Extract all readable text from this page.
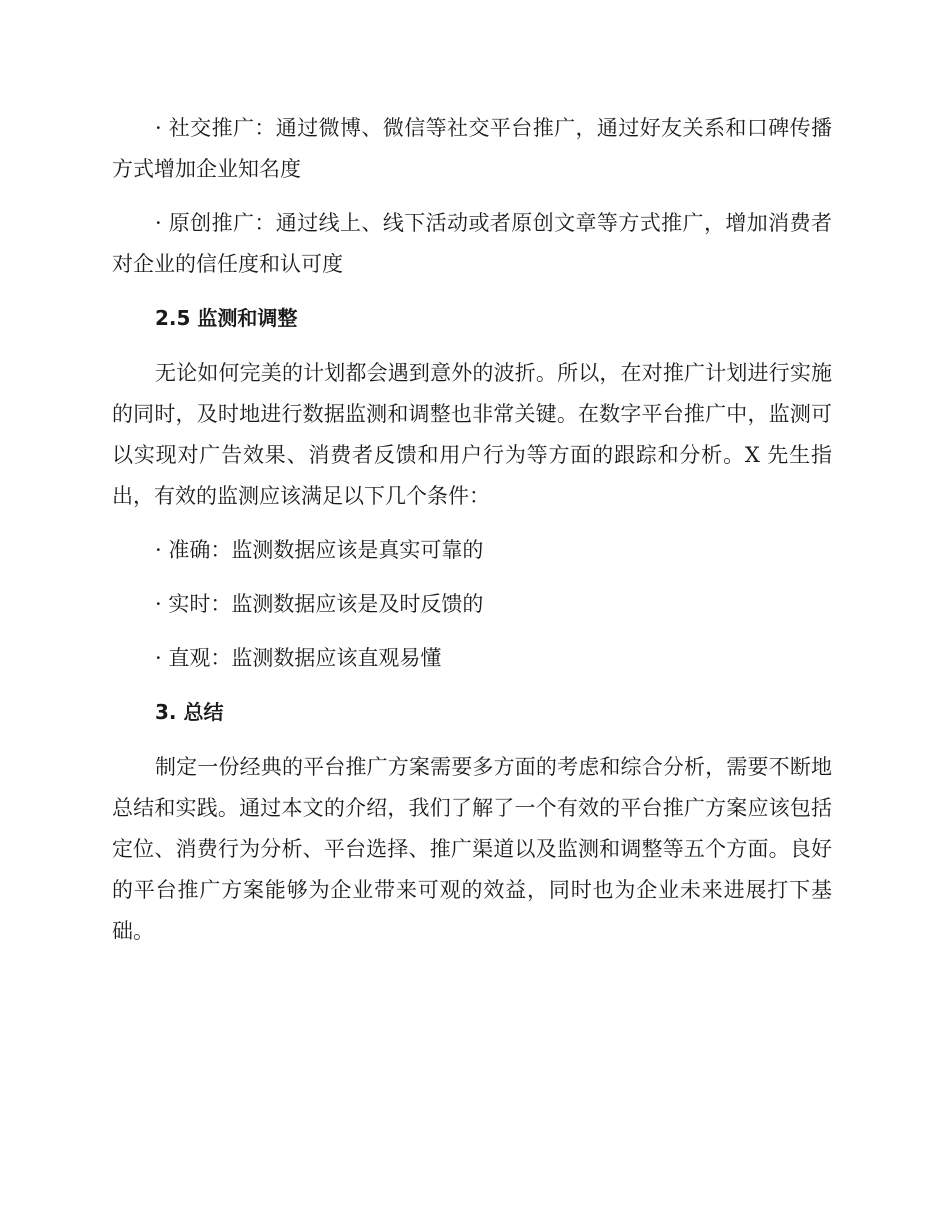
· 社交推广：通过微博、微信等社交平台推广，通过好友关系和口碑传播方式增加企业知名度

· 原创推广：通过线上、线下活动或者原创文章等方式推广，增加消费者对企业的信任度和认可度

2.5 监测和调整

无论如何完美的计划都会遇到意外的波折。所以，在对推广计划进行实施的同时，及时地进行数据监测和调整也非常关键。在数字平台推广中，监测可以实现对广告效果、消费者反馈和用户行为等方面的跟踪和分析。X 先生指出，有效的监测应该满足以下几个条件：

· 准确：监测数据应该是真实可靠的

· 实时：监测数据应该是及时反馈的

· 直观：监测数据应该直观易懂

3. 总结

制定一份经典的平台推广方案需要多方面的考虑和综合分析，需要不断地总结和实践。通过本文的介绍，我们了解了一个有效的平台推广方案应该包括定位、消费行为分析、平台选择、推广渠道以及监测和调整等五个方面。良好的平台推广方案能够为企业带来可观的效益，同时也为企业未来进展打下基础。
